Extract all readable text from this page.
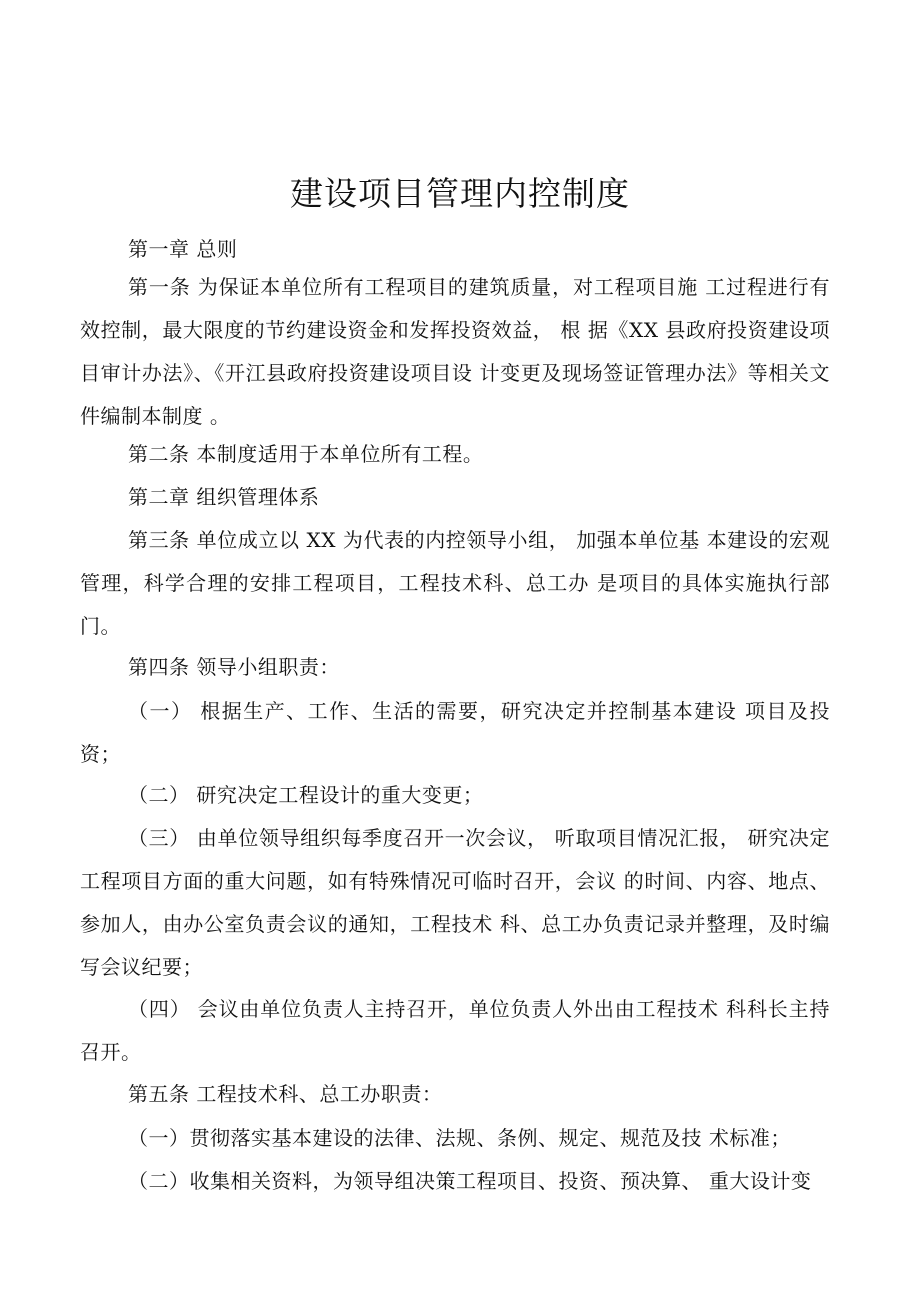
建设项目管理内控制度

第一章 总则

第一条 为保证本单位所有工程项目的建筑质量，对工程项目施 工过程进行有效控制，最大限度的节约建设资金和发挥投资效益， 根 据《XX 县政府投资建设项目审计办法》、《开江县政府投资建设项目设 计变更及现场签证管理办法》等相关文件编制本制度 。

第二条 本制度适用于本单位所有工程。

第二章 组织管理体系

第三条 单位成立以 XX 为代表的内控领导小组， 加强本单位基 本建设的宏观管理，科学合理的安排工程项目，工程技术科、总工办 是项目的具体实施执行部门。

第四条 领导小组职责：

（一） 根据生产、工作、生活的需要，研究决定并控制基本建设 项目及投资；

（二） 研究决定工程设计的重大变更；

（三） 由单位领导组织每季度召开一次会议， 听取项目情况汇报， 研究决定工程项目方面的重大问题，如有特殊情况可临时召开，会议 的时间、内容、地点、参加人，由办公室负责会议的通知，工程技术 科、总工办负责记录并整理，及时编写会议纪要；

（四） 会议由单位负责人主持召开，单位负责人外出由工程技术 科科长主持召开。

第五条 工程技术科、总工办职责：

（一）贯彻落实基本建设的法律、法规、条例、规定、规范及技 术标准；

（二）收集相关资料，为领导组决策工程项目、投资、预决算、 重大设计变
